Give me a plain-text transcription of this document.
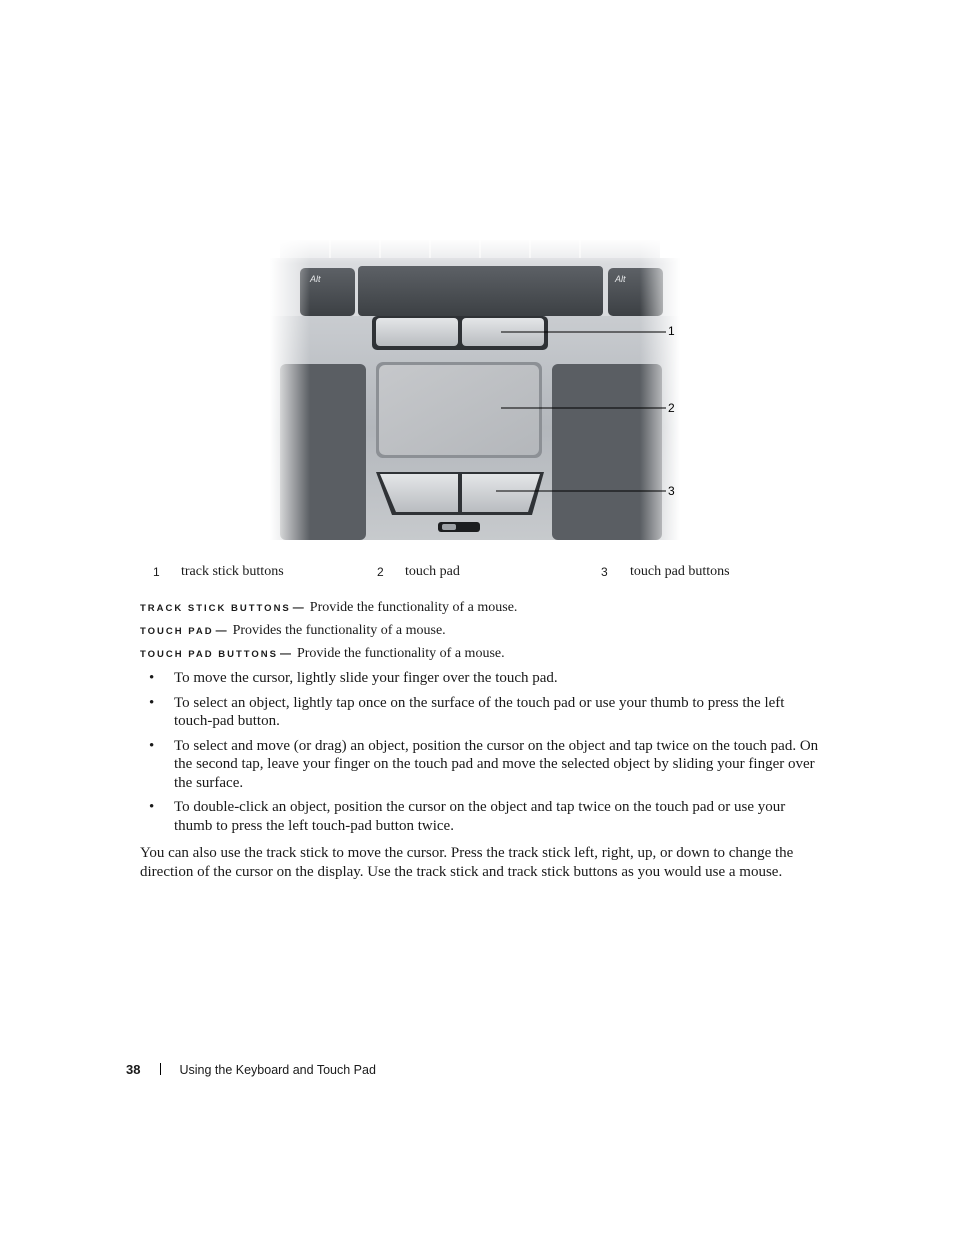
Alt	Alt
1
2
3
1 track stick buttons	2 touch pad	3 touch pad buttons
TRACK STICK BUTTONS — Provide the functionality of a mouse.
TOUCH PAD — Provides the functionality of a mouse.
TOUCH PAD BUTTONS — Provide the functionality of a mouse.
• To move the cursor, lightly slide your finger over the touch pad.
• To select an object, lightly tap once on the surface of the touch pad or use your thumb to press the left touch-pad button.
• To select and move (or drag) an object, position the cursor on the object and tap twice on the touch pad. On the second tap, leave your finger on the touch pad and move the selected object by sliding your finger over the surface.
• To double-click an object, position the cursor on the object and tap twice on the touch pad or use your thumb to press the left touch-pad button twice.
You can also use the track stick to move the cursor. Press the track stick left, right, up, or down to change the direction of the cursor on the display. Use the track stick and track stick buttons as you would use a mouse.
38	Using the Keyboard and Touch Pad
